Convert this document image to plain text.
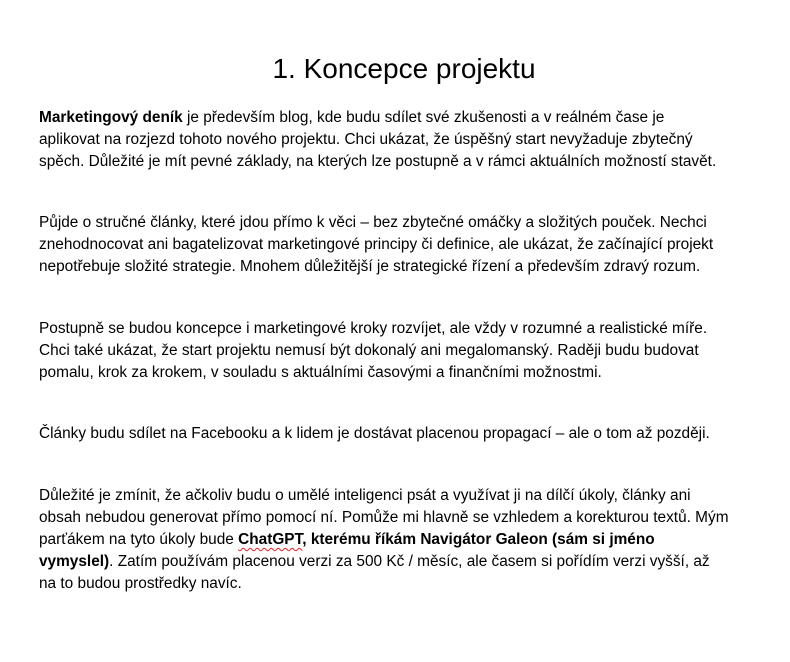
1. Koncepce projektu

Marketingový deník je především blog, kde budu sdílet své zkušenosti a v reálném čase je aplikovat na rozjezd tohoto nového projektu. Chci ukázat, že úspěšný start nevyžaduje zbytečný spěch. Důležité je mít pevné základy, na kterých lze postupně a v rámci aktuálních možností stavět.

Půjde o stručné články, které jdou přímo k věci – bez zbytečné omáčky a složitých pouček. Nechci znehodnocovat ani bagatelizovat marketingové principy či definice, ale ukázat, že začínající projekt nepotřebuje složité strategie. Mnohem důležitější je strategické řízení a především zdravý rozum.

Postupně se budou koncepce i marketingové kroky rozvíjet, ale vždy v rozumné a realistické míře. Chci také ukázat, že start projektu nemusí být dokonalý ani megalomanský. Raději budu budovat pomalu, krok za krokem, v souladu s aktuálními časovými a finančními možnostmi.

Články budu sdílet na Facebooku a k lidem je dostávat placenou propagací – ale o tom až později.

Důležité je zmínit, že ačkoliv budu o umělé inteligenci psát a využívat ji na dílčí úkoly, články ani obsah nebudou generovat přímo pomocí ní. Pomůže mi hlavně se vzhledem a korekturou textů. Mým parťákem na tyto úkoly bude ChatGPT, kterému říkám Navigátor Galeon (sám si jméno vymyslel). Zatím používám placenou verzi za 500 Kč / měsíc, ale časem si pořídím verzi vyšší, až na to budou prostředky navíc.
